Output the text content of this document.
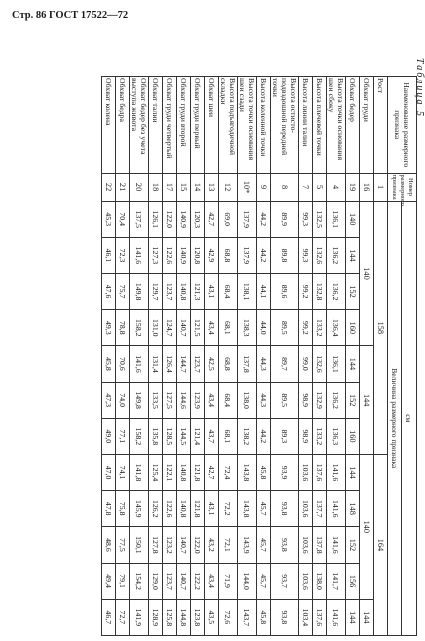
Стр. 86 ГОСТ 17522—72
Таблица 5
Наименование размерного признака	Номер размерного признака	см											
		Величина размерного признака											
Рост	1	158							164				
Обхват груди	16	140				144			140				144
Обхват бедер	19	140	144	152	160	144	152	160	144	148	152	156	144
Высота точки основания шеи сбоку	4	136,1	136,2	136,2	136,4	136,1	136,2	136,3	141,6	141,6	141,6	141,7	141,6
Высота плечевой точки	5	132,5	132,6	132,8	133,2	132,6	132,9	133,2	137,6	137,7	137,8	138,0	137,6
Высота линии талии	7	99,3	99,3	99,2	99,2	99,0	98,9	98,9	103,6	103,6	103,6	103,6	103,4
Высота остисто-подвздошной передней точки	8	89,9	89,8	89,6	89,5	89,7	89,5	89,3	93,9	93,8	93,8	93,7	93,8
Высота коленной точки	9	44,2	44,2	44,1	44,0	44,3	44,3	44,2	45,8	45,7	45,7	45,7	45,8
Высота точки основания шеи сзади	10*	137,9	137,9	138,1	138,3	137,8	138,0	138,2	143,8	143,8	143,9	144,0	143,7
Высота подъягодичной складки	12	69,0	68,8	68,4	68,1	68,8	68,4	68,1	72,4	72,2	72,1	71,9	72,6
Обхват шеи	13	42,7	42,9	43,1	43,4	42,5	43,4	43,7	42,7	43,1	43,2	43,4	43,5
Обхват груди первый	14	120,3	120,8	121,3	121,5	123,7	123,9	121,4	121,8	121,8	122,0	122,2	123,8
Обхват груди второй	15	140,9	140,9	140,8	140,7	144,7	144,6	144,5	140,8	140,8	140,7	140,7	144,8
Обхват груди четвертый	17	122,0	122,6	123,7	124,7	126,4	127,5	128,5	122,1	122,6	123,2	123,7	125,8
Обхват талии	18	126,1	127,3	129,7	131,0	131,4	133,5	135,8	125,4	126,2	127,8	129,0	128,9
Обхват бедер без учета выступа живота	20	137,5	141,6	149,8	158,2	141,6	149,8	158,2	141,8	145,9	150,1	154,2	141,9
Обхват бедра	21	70,4	72,3	75,7	78,8	70,6	74,0	77,1	74,1	75,8	77,5	79,1	72,7
Обхват колена	22	45,3	46,1	47,6	49,3	45,8	47,3	49,0	47,0	47,8	48,6	49,4	46,7
